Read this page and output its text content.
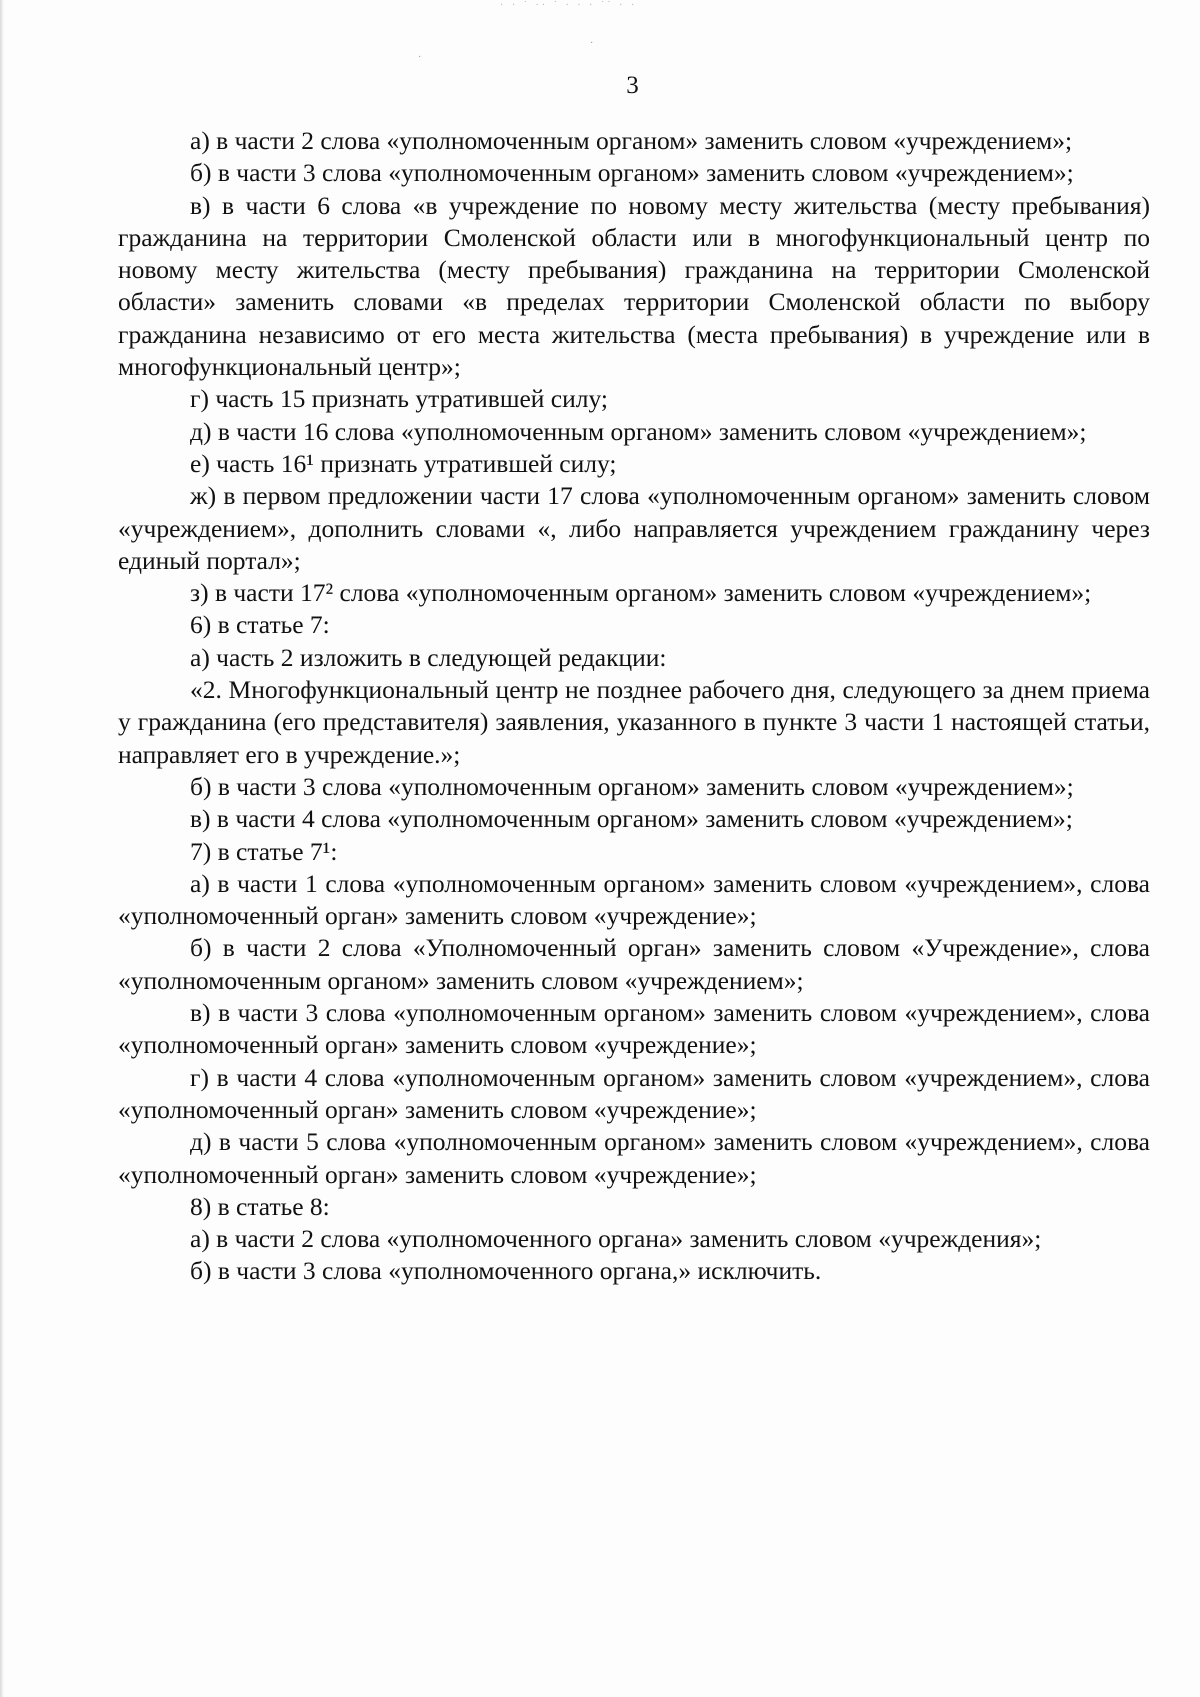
· · ˙ ·· ˙ · · · ˙˙ · ·
·
·
3

а) в части 2 слова «уполномоченным органом» заменить словом «учреждением»;

б) в части 3 слова «уполномоченным органом» заменить словом «учреждением»;

в) в части 6 слова «в учреждение по новому месту жительства (месту пребывания) гражданина на территории Смоленской области или в многофункциональный центр по новому месту жительства (месту пребывания) гражданина на территории Смоленской области» заменить словами «в пределах территории Смоленской области по выбору гражданина независимо от его места жительства (места пребывания) в учреждение или в многофункциональный центр»;

г) часть 15 признать утратившей силу;

д) в части 16 слова «уполномоченным органом» заменить словом «учреждением»;

е) часть 16¹ признать утратившей силу;

ж) в первом предложении части 17 слова «уполномоченным органом» заменить словом «учреждением», дополнить словами «, либо направляется учреждением гражданину через единый портал»;

з) в части 17² слова «уполномоченным органом» заменить словом «учреждением»;

6) в статье 7:

а) часть 2 изложить в следующей редакции:

«2. Многофункциональный центр не позднее рабочего дня, следующего за днем приема у гражданина (его представителя) заявления, указанного в пункте 3 части 1 настоящей статьи, направляет его в учреждение.»;

б) в части 3 слова «уполномоченным органом» заменить словом «учреждением»;

в) в части 4 слова «уполномоченным органом» заменить словом «учреждением»;

7) в статье 7¹:

а) в части 1 слова «уполномоченным органом» заменить словом «учреждением», слова «уполномоченный орган» заменить словом «учреждение»;

б) в части 2 слова «Уполномоченный орган» заменить словом «Учреждение», слова «уполномоченным органом» заменить словом «учреждением»;

в) в части 3 слова «уполномоченным органом» заменить словом «учреждением», слова «уполномоченный орган» заменить словом «учреждение»;

г) в части 4 слова «уполномоченным органом» заменить словом «учреждением», слова «уполномоченный орган» заменить словом «учреждение»;

д) в части 5 слова «уполномоченным органом» заменить словом «учреждением», слова «уполномоченный орган» заменить словом «учреждение»;

8) в статье 8:

а) в части 2 слова «уполномоченного органа» заменить словом «учреждения»;

б) в части 3 слова «уполномоченного органа,» исключить.
